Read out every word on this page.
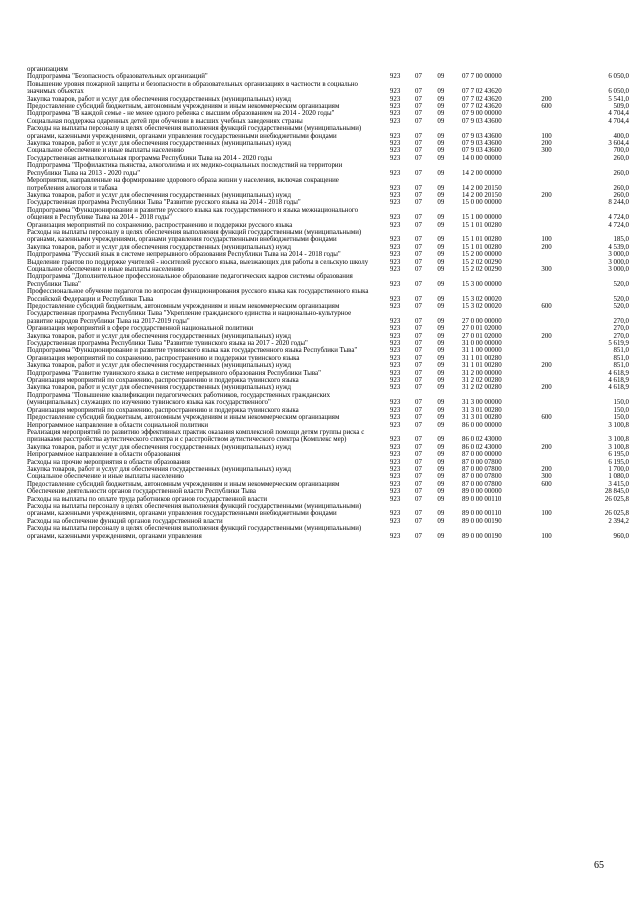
организациям						
Подпрограмма "Безопасность образовательных организаций"	923	07	09	07 7 00 00000		6 050,0
Повышение уровня пожарной защиты и безопасности в образовательных организациях в частности в социально значимых объектах	923	07	09	07 7 02 43620		6 050,0
Закупка товаров, работ и услуг для обеспечения государственных (муниципальных) нужд	923	07	09	07 7 02 43620	200	5 541,0
Предоставление субсидий бюджетным, автономным учреждениям и иным некоммерческим организациям	923	07	09	07 7 02 43620	600	509,0
Подпрограмма "В каждой семье - не менее одного ребенка с высшим образованием на 2014 - 2020 годы"	923	07	09	07 9 00 00000		4 704,4
Социальная поддержка одаренных детей при обучении в высших учебных заведениях страны	923	07	09	07 9 03 43600		4 704,4
Расходы на выплаты персоналу в целях обеспечения выполнения функций государственными (муниципальными) органами, казенными учреждениями, органами управления государственными внебюджетными фондами	923	07	09	07 9 03 43600	100	400,0
Закупка товаров, работ и услуг для обеспечения государственных (муниципальных) нужд	923	07	09	07 9 03 43600	200	3 604,4
Социальное обеспечение и иные выплаты населению	923	07	09	07 9 03 43600	300	700,0
Государственная антиалкогольная программа Республики Тыва на 2014 - 2020 годы	923	07	09	14 0 00 00000		260,0
Подпрограмма "Профилактика пьянства, алкоголизма и их медико-социальных последствий на территории Республики Тыва на 2013 - 2020 годы"	923	07	09	14 2 00 00000		260,0
Мероприятия, направленные на формирование здорового образа жизни у населения, включая сокращение потребления алкоголя и табака	923	07	09	14 2 00 20150		260,0
Закупка товаров, работ и услуг для обеспечения государственных (муниципальных) нужд	923	07	09	14 2 00 20150	200	260,0
Государственная программа Республики Тыва "Развитие русского языка на 2014 - 2018 годы"	923	07	09	15 0 00 00000		8 244,0
Подпрограмма "Функционирование и развитие русского языка как государственного и языка межнационального общения в Республике Тыва на 2014 - 2018 годы"	923	07	09	15 1 00 00000		4 724,0
Организация мероприятий по сохранению, распространению и поддержки русского языка	923	07	09	15 1 01 00280		4 724,0
Расходы на выплаты персоналу в целях обеспечения выполнения функций государственными (муниципальными) органами, казенными учреждениями, органами управления государственными внебюджетными фондами	923	07	09	15 1 01 00280	100	185,0
Закупка товаров, работ и услуг для обеспечения государственных (муниципальных) нужд	923	07	09	15 1 01 00280	200	4 539,0
Подпрограмма "Русский язык в системе непрерывного образования Республики Тыва на 2014 - 2018 годы"	923	07	09	15 2 00 00000		3 000,0
Выделение грантов по поддержке учителей - носителей русского языка, выезжающих для работы в сельскую школу	923	07	09	15 2 02 00290		3 000,0
Социальное обеспечение и иные выплаты населению	923	07	09	15 2 02 00290	300	3 000,0
Подпрограмма "Дополнительное профессиональное образование педагогических кадров системы образования Республики Тыва"	923	07	09	15 3 00 00000		520,0
Профессиональное обучение педагогов по вопросам функционирования русского языка как государственного языка Российской Федерации и Республики Тыва	923	07	09	15 3 02 00020		520,0
Предоставление субсидий бюджетным, автономным учреждениям и иным некоммерческим организациям	923	07	09	15 3 02 00020	600	520,0
Государственная программа Республики Тыва "Укрепление гражданского единства и национально-культурное развитие народов Республики Тыва на 2017-2019 годы"	923	07	09	27 0 00 00000		270,0
Организация мероприятий в сфере государственной национальной политики	923	07	09	27 0 01 02000		270,0
Закупка товаров, работ и услуг для обеспечения государственных (муниципальных) нужд	923	07	09	27 0 01 02000	200	270,0
Государственная программа Республики Тыва "Развитие тувинского языка на 2017 - 2020 годы"	923	07	09	31 0 00 00000		5 619,9
Подпрограмма "Функционирование и развитие тувинского языка как государственного языка Республики Тыва"	923	07	09	31 1 00 00000		851,0
Организация мероприятий по сохранению, распространению и поддержки тувинского языка	923	07	09	31 1 01 00280		851,0
Закупка товаров, работ и услуг для обеспечения государственных (муниципальных) нужд	923	07	09	31 1 01 00280	200	851,0
Подпрограмма "Развитие тувинского языка в системе непрерывного образования Республики Тыва"	923	07	09	31 2 00 00000		4 618,9
Организация мероприятий по сохранению, распространению и поддержка тувинского языка	923	07	09	31 2 02 00280		4 618,9
Закупка товаров, работ и услуг для обеспечения государственных (муниципальных) нужд	923	07	09	31 2 02 00280	200	4 618,9
Подпрограмма "Повышение квалификации педагогических работников, государственных гражданских (муниципальных) служащих по изучению тувинского языка как государственного"	923	07	09	31 3 00 00000		150,0
Организация мероприятий по сохранению, распространению и поддержка тувинского языка	923	07	09	31 3 01 00280		150,0
Предоставление субсидий бюджетным, автономным учреждениям и иным некоммерческим организациям	923	07	09	31 3 01 00280	600	150,0
Непрограммное направление в области социальной политики	923	07	09	86 0 00 00000		3 100,8
Реализация мероприятий по развитию эффективных практик оказания комплексной помощи детям группы риска с признаками расстройства аутистического спектра и с расстройством аутистического спектра (Комплекс мер)	923	07	09	86 0 02 43000		3 100,8
Закупка товаров, работ и услуг для обеспечения государственных (муниципальных) нужд	923	07	09	86 0 02 43000	200	3 100,8
Непрограммное направление в области образования	923	07	09	87 0 00 00000		6 195,0
Расходы на прочие мероприятия в области образования	923	07	09	87 0 00 07800		6 195,0
Закупка товаров, работ и услуг для обеспечения государственных (муниципальных) нужд	923	07	09	87 0 00 07800	200	1 700,0
Социальное обеспечение и иные выплаты населению	923	07	09	87 0 00 07800	300	1 080,0
Предоставление субсидий бюджетным, автономным учреждениям и иным некоммерческим организациям	923	07	09	87 0 00 07800	600	3 415,0
Обеспечение деятельности органов государственной власти Республики Тыва	923	07	09	89 0 00 00000		28 845,0
Расходы на выплаты по оплате труда работников органов государственной власти	923	07	09	89 0 00 00110		26 025,8
Расходы на выплаты персоналу в целях обеспечения выполнения функций государственными (муниципальными) органами, казенными учреждениями, органами управления государственными внебюджетными фондами	923	07	09	89 0 00 00110	100	26 025,8
Расходы на обеспечение функций органов государственной власти	923	07	09	89 0 00 00190		2 394,2
Расходы на выплаты персоналу в целях обеспечения выполнения функций государственными (муниципальными) органами, казенными учреждениями, органами управления	923	07	09	89 0 00 00190	100	960,0
65
